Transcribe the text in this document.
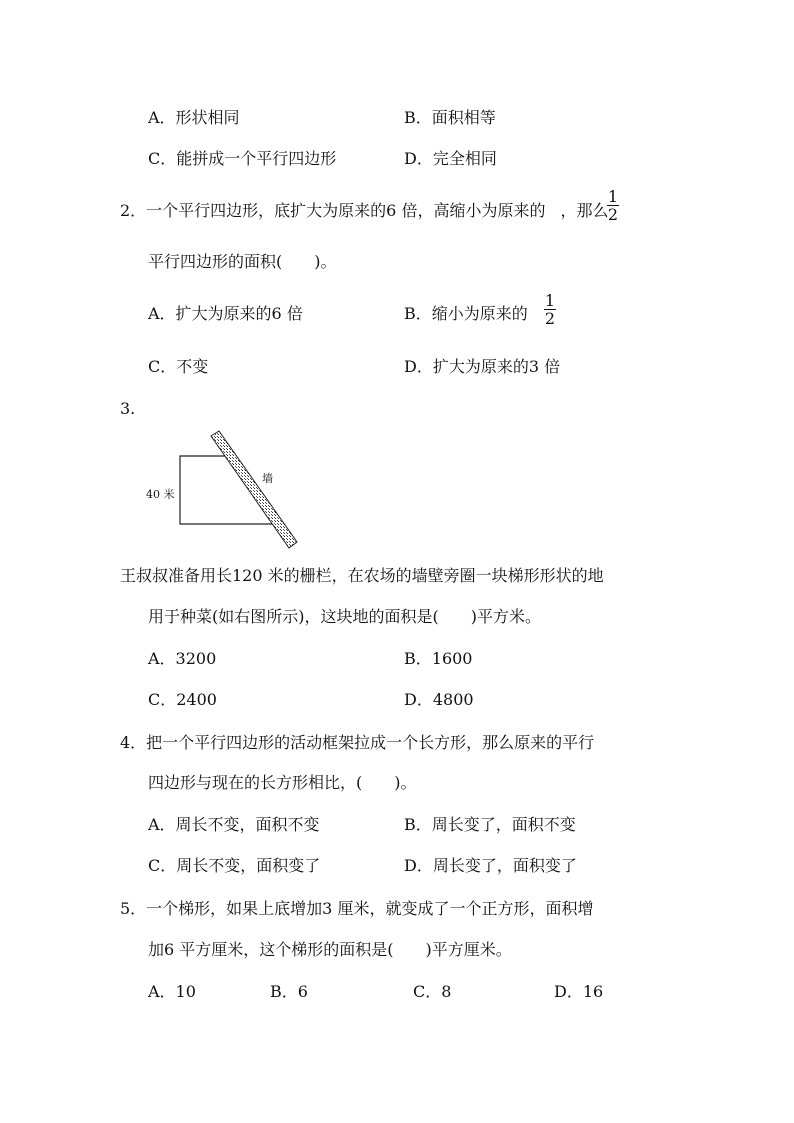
A．形状相同	B．面积相等
C．能拼成一个平行四边形	D．完全相同
2．一个平行四边形，底扩大为原来的6 倍，高缩小为原来的 ，那么
1
2
平行四边形的面积(　　)。
A．扩大为原来的6 倍	B．缩小为原来的
1
2
C．不变	D．扩大为原来的3 倍
3.
40 米
墙
王叔叔准备用长120 米的栅栏，在农场的墙壁旁圈一块梯形形状的地
用于种菜(如右图所示)，这块地的面积是(　　)平方米。
A．3200	B．1600
C．2400	D．4800
4．把一个平行四边形的活动框架拉成一个长方形，那么原来的平行
四边形与现在的长方形相比，(　　)。
A．周长不变，面积不变	B．周长变了，面积不变
C．周长不变，面积变了	D．周长变了，面积变了
5．一个梯形，如果上底增加3 厘米，就变成了一个正方形，面积增
加6 平方厘米，这个梯形的面积是(　　)平方厘米。
A．10	B．6	C．8	D．16
